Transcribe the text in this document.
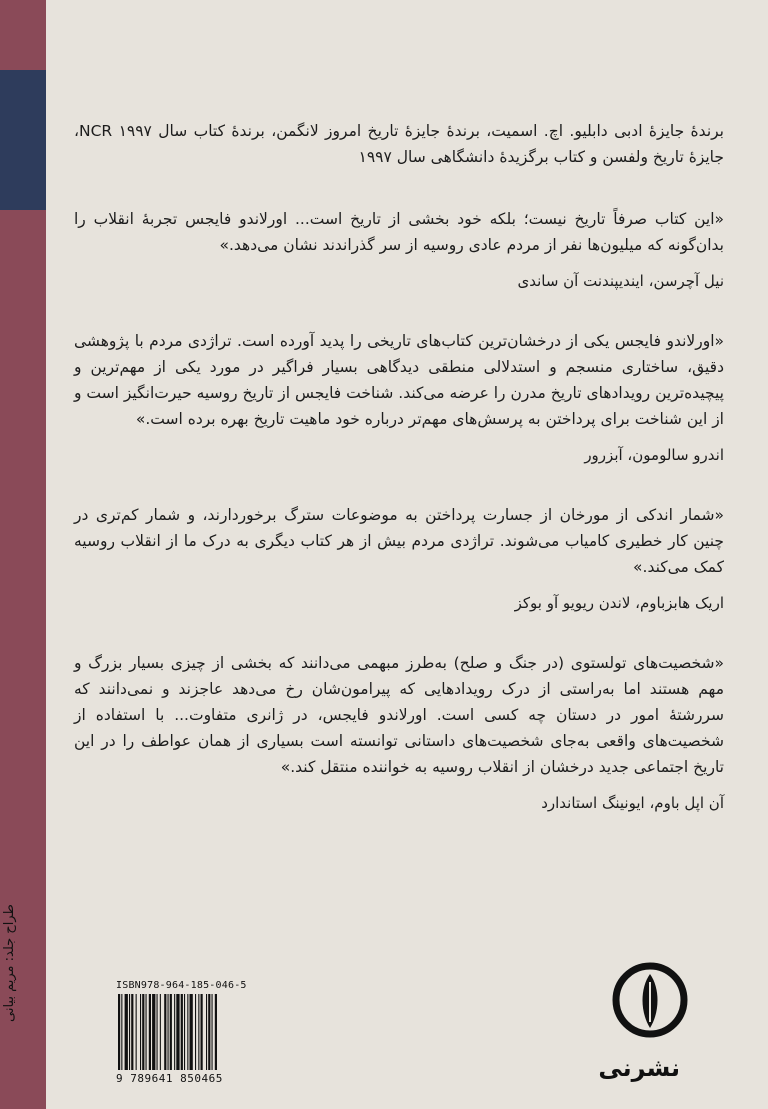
برندهٔ جایزهٔ ادبی دابلیو. اچ. اسمیت، برندهٔ جایزهٔ تاریخ امروز لانگمن، برندهٔ کتاب سال NCR ۱۹۹۷، جایزهٔ تاریخ ولفسن و کتاب برگزیدهٔ دانشگاهی سال ۱۹۹۷

«این کتاب صرفاً تاریخ نیست؛ بلکه خود بخشی از تاریخ است... اورلاندو فایجس تجربهٔ انقلاب را بدان‌گونه که میلیون‌ها نفر از مردم عادی روسیه از سر گذراندند نشان می‌دهد.»

نیل آچرسن، ایندیپندنت آن ساندی

«اورلاندو فایجس یکی از درخشان‌ترین کتاب‌های تاریخی را پدید آورده است. تراژدی مردم با پژوهشی دقیق، ساختاری منسجم و استدلالی منطقی دیدگاهی بسیار فراگیر در مورد یکی از مهم‌ترین و پیچیده‌ترین رویدادهای تاریخ مدرن را عرضه می‌کند. شناخت فایجس از تاریخ روسیه حیرت‌انگیز است و از این شناخت برای پرداختن به پرسش‌های مهم‌تر درباره خود ماهیت تاریخ بهره برده است.»

اندرو سالومون، آبزرور

«شمار اندکی از مورخان از جسارت پرداختن به موضوعات سترگ برخوردارند، و شمار کم‌تری در چنین کار خطیری کامیاب می‌شوند. تراژدی مردم بیش از هر کتاب دیگری به درک ما از انقلاب روسیه کمک می‌کند.»

اریک هابزباوم، لاندن ریویو آو بوکز

«شخصیت‌های تولستوی (در جنگ و صلح) به‌طرز مبهمی می‌دانند که بخشی از چیزی بسیار بزرگ و مهم هستند اما به‌راستی از درک رویدادهایی که پیرامون‌شان رخ می‌دهد عاجزند و نمی‌دانند که سررشتهٔ امور در دستان چه کسی است. اورلاندو فایجس، در ژانری متفاوت... با استفاده از شخصیت‌های واقعی به‌جای شخصیت‌های داستانی توانسته است بسیاری از همان عواطف را در این تاریخ اجتماعی جدید درخشان از انقلاب روسیه به خواننده منتقل کند.»

آن اپل باوم، ایونینگ استاندارد

طراح جلد: مریم بیانی	ISBN978-964-185-046-5
9 789641 850465	نشرنی
